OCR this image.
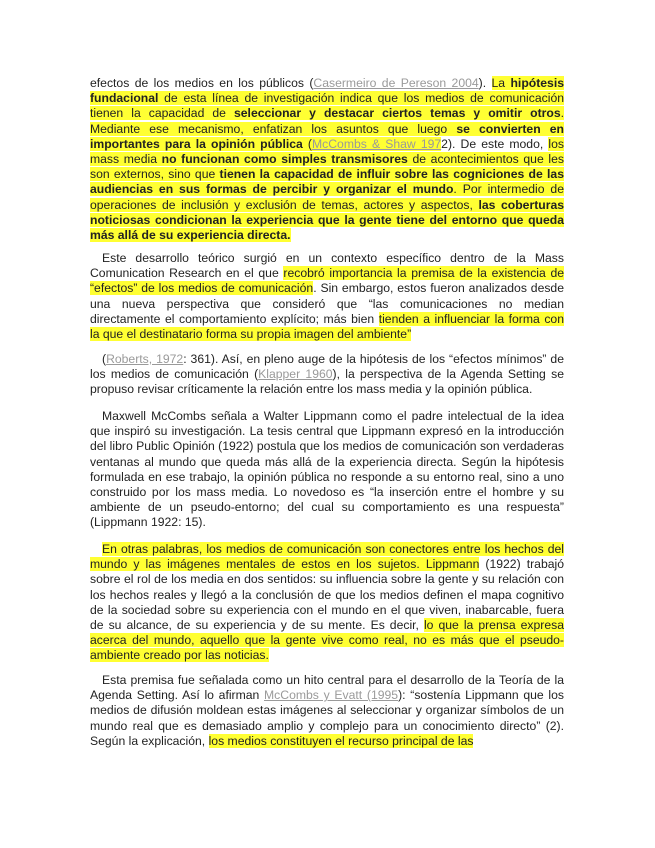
efectos de los medios en los públicos (Casermeiro de Pereson 2004). La hipótesis fundacional de esta línea de investigación indica que los medios de comunicación tienen la capacidad de seleccionar y destacar ciertos temas y omitir otros. Mediante ese mecanismo, enfatizan los asuntos que luego se convierten en importantes para la opinión pública (McCombs & Shaw 1972). De este modo, los mass media no funcionan como simples transmisores de acontecimientos que les son externos, sino que tienen la capacidad de influir sobre las cogniciones de las audiencias en sus formas de percibir y organizar el mundo. Por intermedio de operaciones de inclusión y exclusión de temas, actores y aspectos, las coberturas noticiosas condicionan la experiencia que la gente tiene del entorno que queda más allá de su experiencia directa.

Este desarrollo teórico surgió en un contexto específico dentro de la Mass Comunication Research en el que recobró importancia la premisa de la existencia de “efectos” de los medios de comunicación. Sin embargo, estos fueron analizados desde una nueva perspectiva que consideró que “las comunicaciones no median directamente el comportamiento explícito; más bien tienden a influenciar la forma con la que el destinatario forma su propia imagen del ambiente”

(Roberts, 1972: 361). Así, en pleno auge de la hipótesis de los “efectos mínimos” de los medios de comunicación (Klapper 1960), la perspectiva de la Agenda Setting se propuso revisar críticamente la relación entre los mass media y la opinión pública.

Maxwell McCombs señala a Walter Lippmann como el padre intelectual de la idea que inspiró su investigación. La tesis central que Lippmann expresó en la introducción del libro Public Opinión (1922) postula que los medios de comunicación son verdaderas ventanas al mundo que queda más allá de la experiencia directa. Según la hipótesis formulada en ese trabajo, la opinión pública no responde a su entorno real, sino a uno construido por los mass media. Lo novedoso es “la inserción entre el hombre y su ambiente de un pseudo-entorno; del cual su comportamiento es una respuesta” (Lippmann 1922: 15).

En otras palabras, los medios de comunicación son conectores entre los hechos del mundo y las imágenes mentales de estos en los sujetos. Lippmann (1922) trabajó sobre el rol de los media en dos sentidos: su influencia sobre la gente y su relación con los hechos reales y llegó a la conclusión de que los medios definen el mapa cognitivo de la sociedad sobre su experiencia con el mundo en el que viven, inabarcable, fuera de su alcance, de su experiencia y de su mente. Es decir, lo que la prensa expresa acerca del mundo, aquello que la gente vive como real, no es más que el pseudo-ambiente creado por las noticias.

Esta premisa fue señalada como un hito central para el desarrollo de la Teoría de la Agenda Setting. Así lo afirman McCombs y Evatt (1995): “sostenía Lippmann que los medios de difusión moldean estas imágenes al seleccionar y organizar símbolos de un mundo real que es demasiado amplio y complejo para un conocimiento directo” (2). Según la explicación, los medios constituyen el recurso principal de las
